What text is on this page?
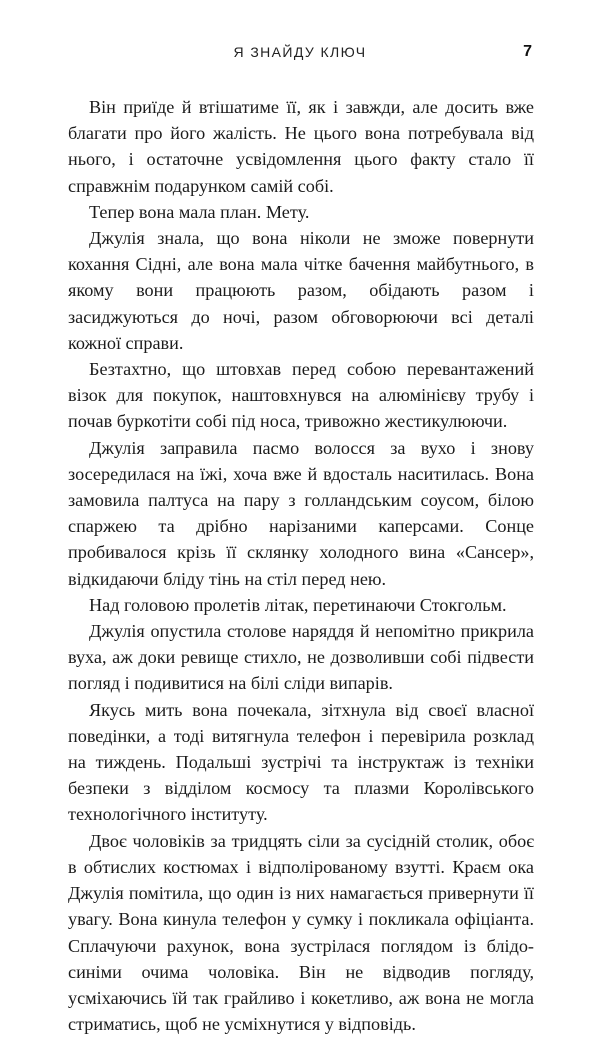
Я ЗНАЙДУ КЛЮЧ	7

Він приїде й втішатиме її, як і завжди, але досить вже благати про його жалість. Не цього вона потребувала від нього, і остаточне усвідомлення цього факту стало її справжнім подарунком самій собі.

Тепер вона мала план. Мету.

Джулія знала, що вона ніколи не зможе повернути кохання Сідні, але вона мала чітке бачення майбутнього, в якому вони працюють разом, обідають разом і засиджуються до ночі, разом обговорюючи всі деталі кожної справи.

Безтахтно, що штовхав перед собою перевантажений візок для покупок, наштовхнувся на алюмінієву трубу і почав буркотіти собі під носа, тривожно жестикулюючи.

Джулія заправила пасмо волосся за вухо і знову зосередилася на їжі, хоча вже й вдосталь наситилась. Вона замовила палтуса на пару з голландським соусом, білою спаржею та дрібно нарізаними каперсами. Сонце пробивалося крізь її склянку холодного вина «Сансер», відкидаючи бліду тінь на стіл перед нею.

Над головою пролетів літак, перетинаючи Стокгольм.

Джулія опустила столове наряддя й непомітно прикрила вуха, аж доки ревище стихло, не дозволивши собі підвести погляд і подивитися на білі сліди випарів.

Якусь мить вона почекала, зітхнула від своєї власної поведінки, а тоді витягнула телефон і перевірила розклад на тиждень. Подальші зустрічі та інструктаж із техніки безпеки з відділом космосу та плазми Королівського технологічного інституту.

Двоє чоловіків за тридцять сіли за сусідній столик, обоє в обтислих костюмах і відполірованому взутті. Краєм ока Джулія помітила, що один із них намагається привернути її увагу. Вона кинула телефон у сумку і покликала офіціанта. Сплачуючи рахунок, вона зустрілася поглядом із блідо-синіми очима чоловіка. Він не відводив погляду, усміхаючись їй так грайливо і кокетливо, аж вона не могла стриматись, щоб не усміхнутися у відповідь.
